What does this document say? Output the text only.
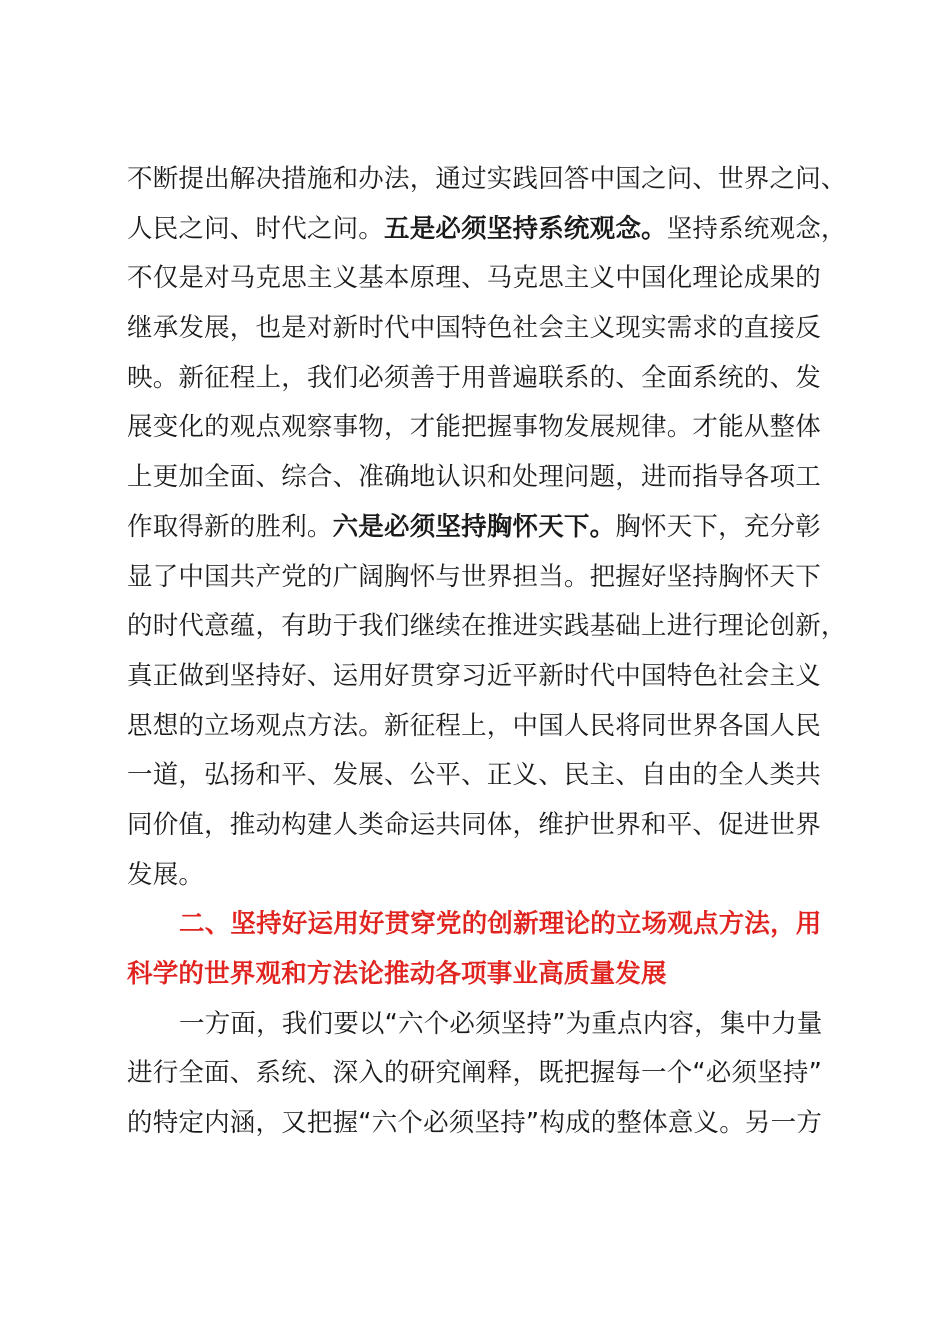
不断提出解决措施和办法，通过实践回答中国之问、世界之问、
人民之问、时代之问。五是必须坚持系统观念。坚持系统观念，
不仅是对马克思主义基本原理、马克思主义中国化理论成果的
继承发展，也是对新时代中国特色社会主义现实需求的直接反
映。新征程上，我们必须善于用普遍联系的、全面系统的、发
展变化的观点观察事物，才能把握事物发展规律。才能从整体
上更加全面、综合、准确地认识和处理问题，进而指导各项工
作取得新的胜利。六是必须坚持胸怀天下。胸怀天下，充分彰
显了中国共产党的广阔胸怀与世界担当。把握好坚持胸怀天下
的时代意蕴，有助于我们继续在推进实践基础上进行理论创新，
真正做到坚持好、运用好贯穿习近平新时代中国特色社会主义
思想的立场观点方法。新征程上，中国人民将同世界各国人民
一道，弘扬和平、发展、公平、正义、民主、自由的全人类共
同价值，推动构建人类命运共同体，维护世界和平、促进世界
发展。
二、坚持好运用好贯穿党的创新理论的立场观点方法，用
科学的世界观和方法论推动各项事业高质量发展
一方面，我们要以“六个必须坚持”为重点内容，集中力量
进行全面、系统、深入的研究阐释，既把握每一个“必须坚持”
的特定内涵，又把握“六个必须坚持”构成的整体意义。另一方
